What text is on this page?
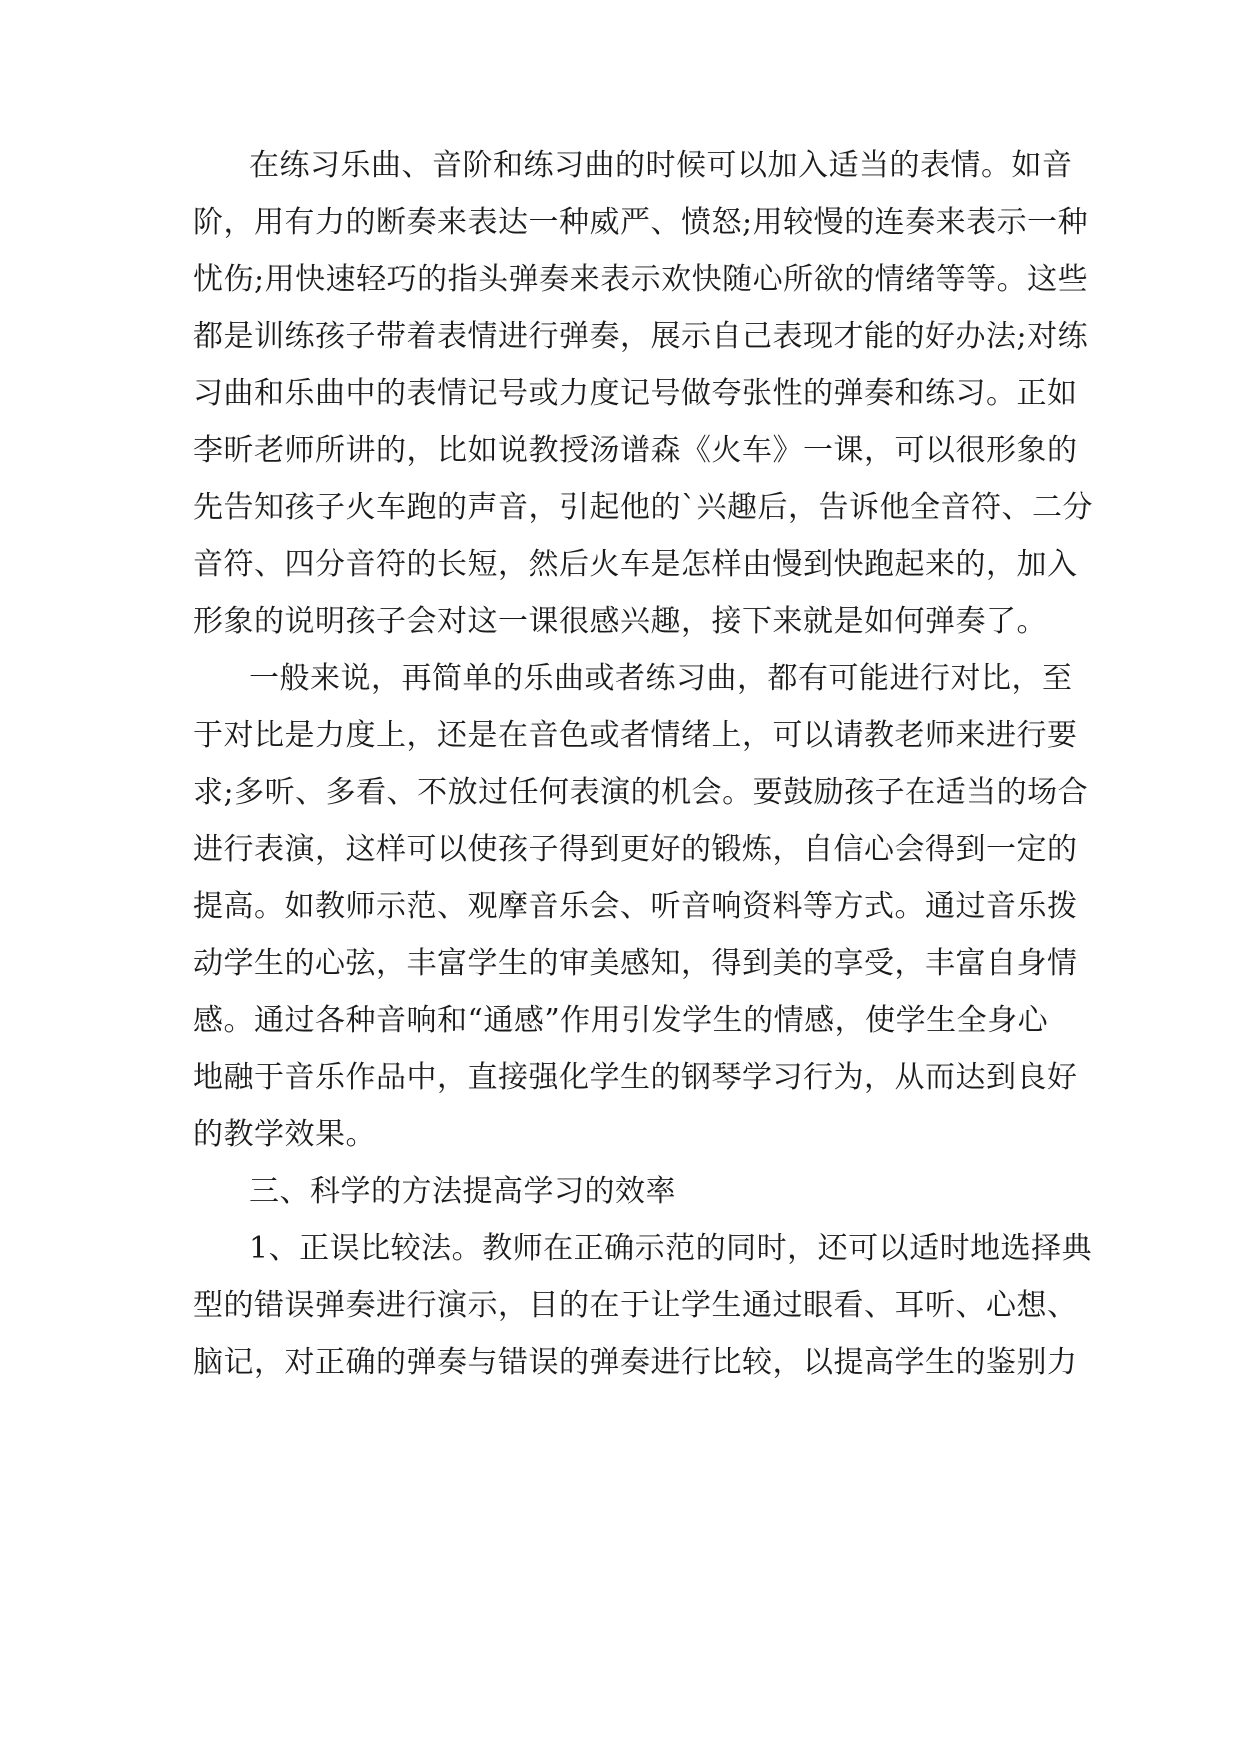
在练习乐曲、音阶和练习曲的时候可以加入适当的表情。如音
阶，用有力的断奏来表达一种威严、愤怒;用较慢的连奏来表示一种
忧伤;用快速轻巧的指头弹奏来表示欢快随心所欲的情绪等等。这些
都是训练孩子带着表情进行弹奏，展示自己表现才能的好办法;对练
习曲和乐曲中的表情记号或力度记号做夸张性的弹奏和练习。正如
李昕老师所讲的，比如说教授汤谱森《火车》一课，可以很形象的
先告知孩子火车跑的声音，引起他的`兴趣后，告诉他全音符、二分
音符、四分音符的长短，然后火车是怎样由慢到快跑起来的，加入
形象的说明孩子会对这一课很感兴趣，接下来就是如何弹奏了。
一般来说，再简单的乐曲或者练习曲，都有可能进行对比，至
于对比是力度上，还是在音色或者情绪上，可以请教老师来进行要
求;多听、多看、不放过任何表演的机会。要鼓励孩子在适当的场合
进行表演，这样可以使孩子得到更好的锻炼，自信心会得到一定的
提高。如教师示范、观摩音乐会、听音响资料等方式。通过音乐拨
动学生的心弦，丰富学生的审美感知，得到美的享受，丰富自身情
感。通过各种音响和“通感”作用引发学生的情感，使学生全身心
地融于音乐作品中，直接强化学生的钢琴学习行为，从而达到良好
的教学效果。
三、科学的方法提高学习的效率
1、正误比较法。教师在正确示范的同时，还可以适时地选择典
型的错误弹奏进行演示，目的在于让学生通过眼看、耳听、心想、
脑记，对正确的弹奏与错误的弹奏进行比较，以提高学生的鉴别力
